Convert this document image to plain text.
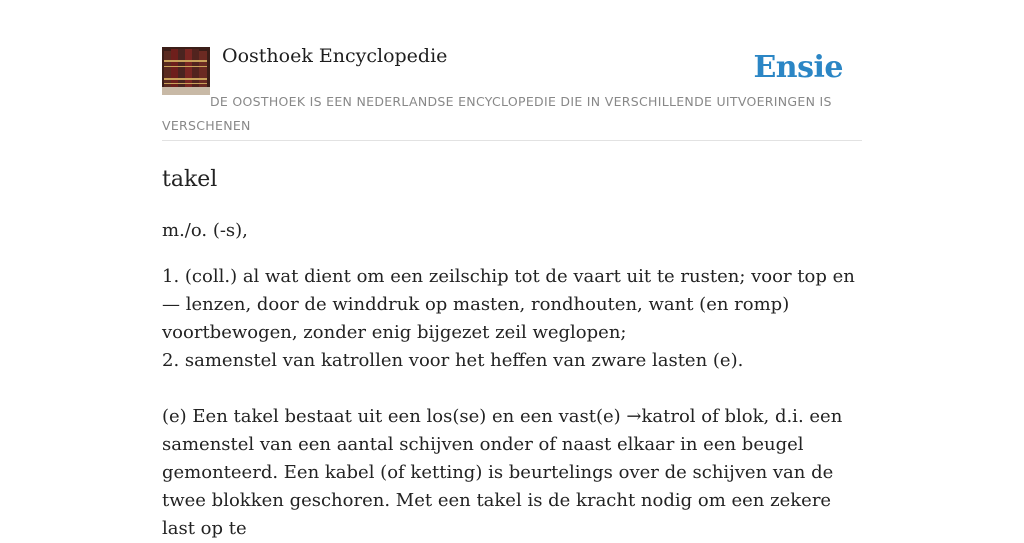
Oosthoek Encyclopedie	Ensie
DE OOSTHOEK IS EEN NEDERLANDSE ENCYCLOPEDIE DIE IN VERSCHILLENDE UITVOERINGEN IS VERSCHENEN
takel

m./o. (-s),

1. (coll.) al wat dient om een zeilschip tot de vaart uit te rusten; voor top en — lenzen, door de winddruk op masten, rondhouten, want (en romp) voortbewogen, zonder enig bijgezet zeil weglopen;

2. samenstel van katrollen voor het heffen van zware lasten (e).

(e) Een takel bestaat uit een los(se) en een vast(e) →katrol of blok, d.i. een samenstel van een aantal schijven onder of naast elkaar in een beugel gemonteerd. Een kabel (of ketting) is beurtelings over de schijven van de twee blokken geschoren. Met een takel is de kracht nodig om een zekere last op te
